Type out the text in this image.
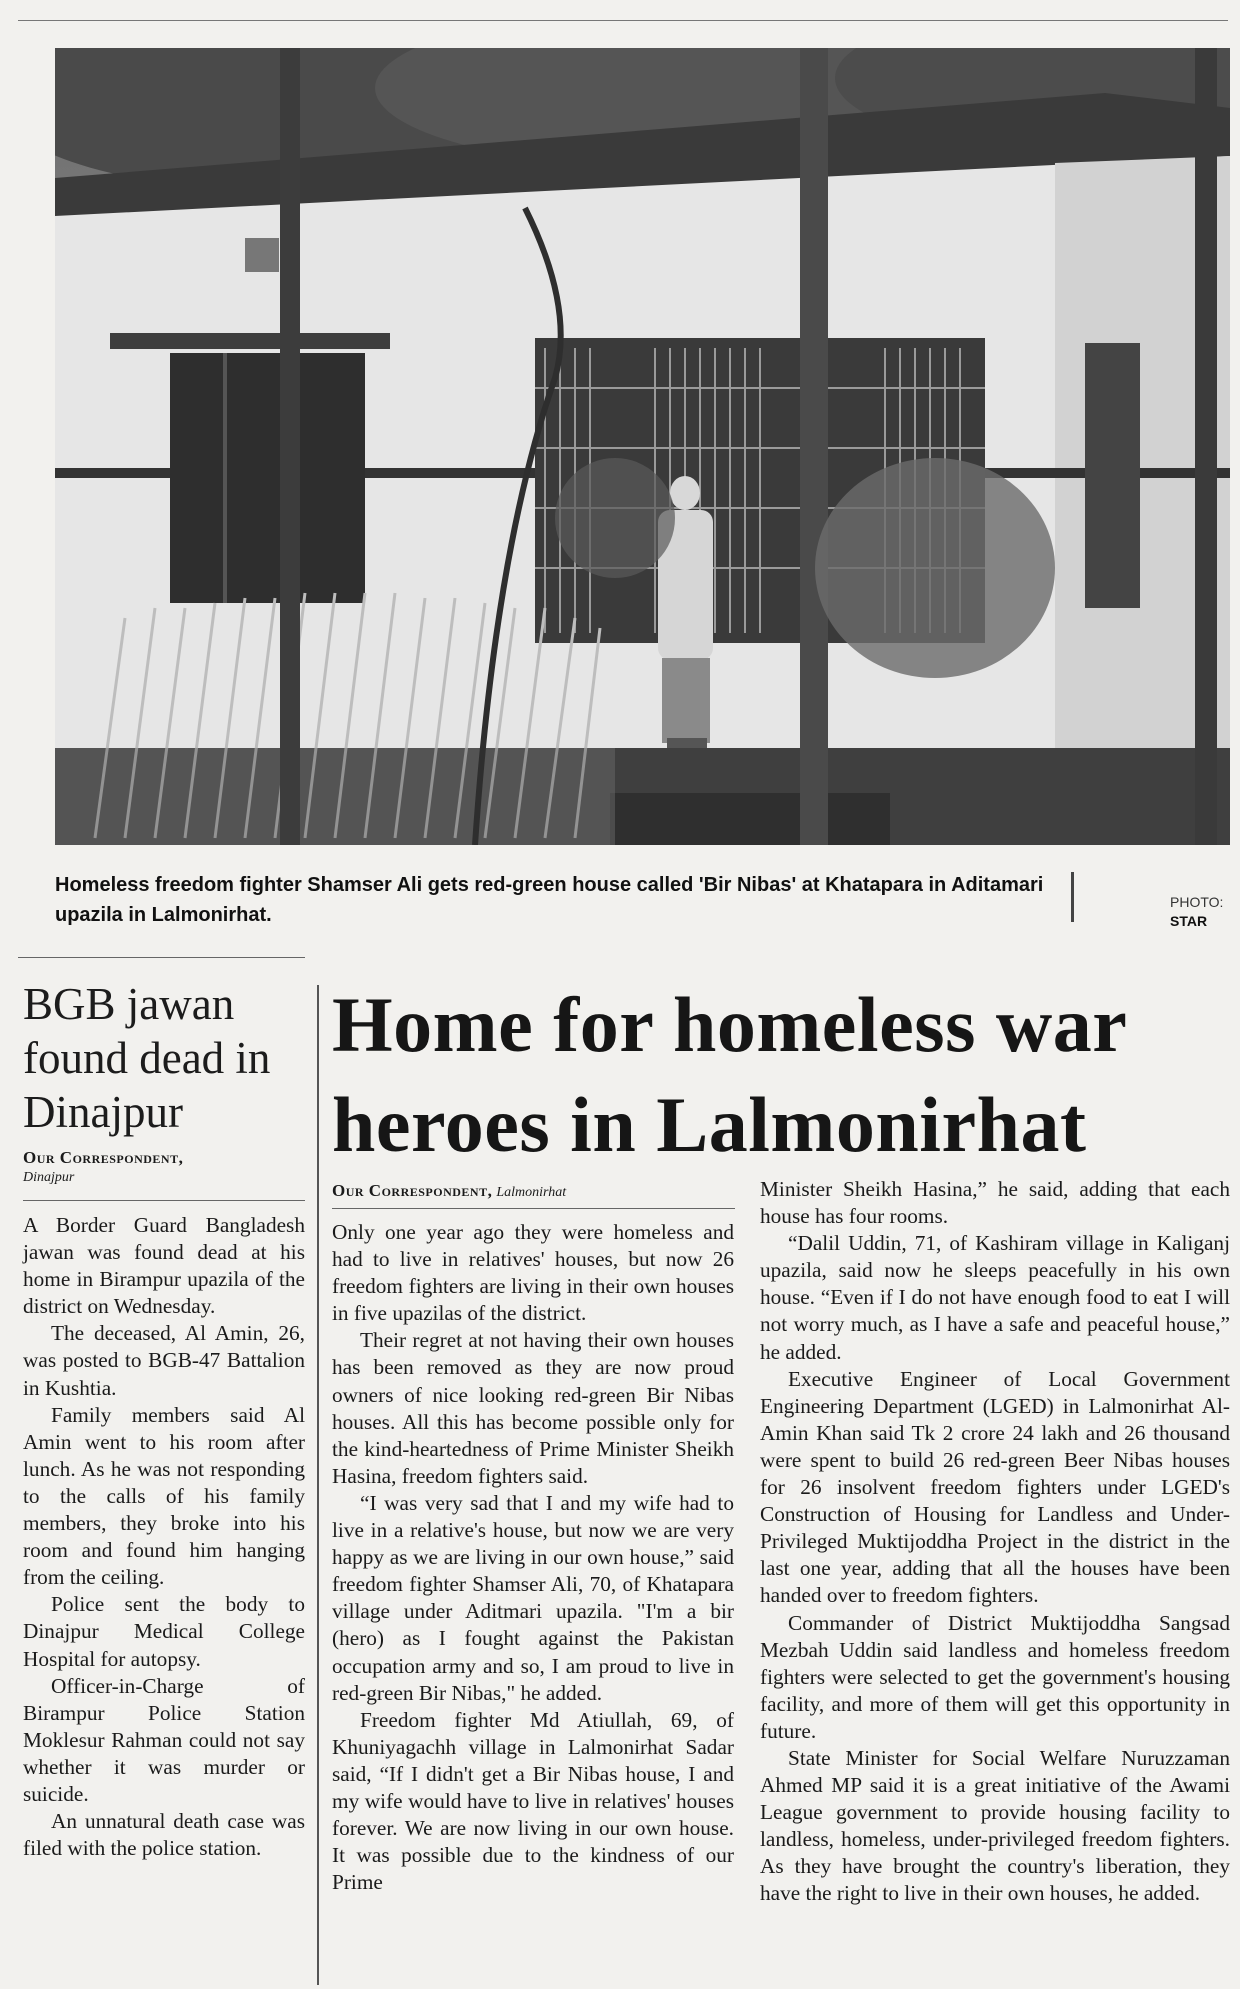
Homeless freedom fighter Shamser Ali gets red-green house called 'Bir Nibas' at Khatapara in Aditamari upazila in Lalmonirhat.
PHOTO:
STAR
BGB jawan found dead in Dinajpur
Our Correspondent,
Dinajpur

A Border Guard Bangladesh jawan was found dead at his home in Birampur upazila of the district on Wednesday.

The deceased, Al Amin, 26, was posted to BGB-47 Battalion in Kushtia.

Family members said Al Amin went to his room after lunch. As he was not responding to the calls of his family members, they broke into his room and found him hanging from the ceiling.

Police sent the body to Dinajpur Medical College Hospital for autopsy.

Officer-in-Charge of Birampur Police Station Moklesur Rahman could not say whether it was murder or suicide.

An unnatural death case was filed with the police station.

Home for homeless war heroes in Lalmonirhat
Our Correspondent, Lalmonirhat

Only one year ago they were homeless and had to live in relatives' houses, but now 26 freedom fighters are living in their own houses in five upazilas of the district.

Their regret at not having their own houses has been removed as they are now proud owners of nice looking red-green Bir Nibas houses. All this has become possible only for the kind-heartedness of Prime Minister Sheikh Hasina, freedom fighters said.

“I was very sad that I and my wife had to live in a relative's house, but now we are very happy as we are living in our own house,” said freedom fighter Shamser Ali, 70, of Khatapara village under Aditmari upazila. "I'm a bir (hero) as I fought against the Pakistan occupation army and so, I am proud to live in red-green Bir Nibas," he added.

Freedom fighter Md Atiullah, 69, of Khuniyagachh village in Lalmonirhat Sadar said, “If I didn't get a Bir Nibas house, I and my wife would have to live in relatives' houses forever. We are now living in our own house. It was possible due to the kindness of our Prime

Minister Sheikh Hasina,” he said, adding that each house has four rooms.

“Dalil Uddin, 71, of Kashiram village in Kaliganj upazila, said now he sleeps peacefully in his own house. “Even if I do not have enough food to eat I will not worry much, as I have a safe and peaceful house,” he added.

Executive Engineer of Local Government Engineering Department (LGED) in Lalmonirhat Al-Amin Khan said Tk 2 crore 24 lakh and 26 thousand were spent to build 26 red-green Beer Nibas houses for 26 insolvent freedom fighters under LGED's Construction of Housing for Landless and Under-Privileged Muktijoddha Project in the district in the last one year, adding that all the houses have been handed over to freedom fighters.

Commander of District Muktijoddha Sangsad Mezbah Uddin said landless and homeless freedom fighters were selected to get the government's housing facility, and more of them will get this opportunity in future.

State Minister for Social Welfare Nuruzzaman Ahmed MP said it is a great initiative of the Awami League government to provide housing facility to landless, homeless, under-privileged freedom fighters. As they have brought the country's liberation, they have the right to live in their own houses, he added.
